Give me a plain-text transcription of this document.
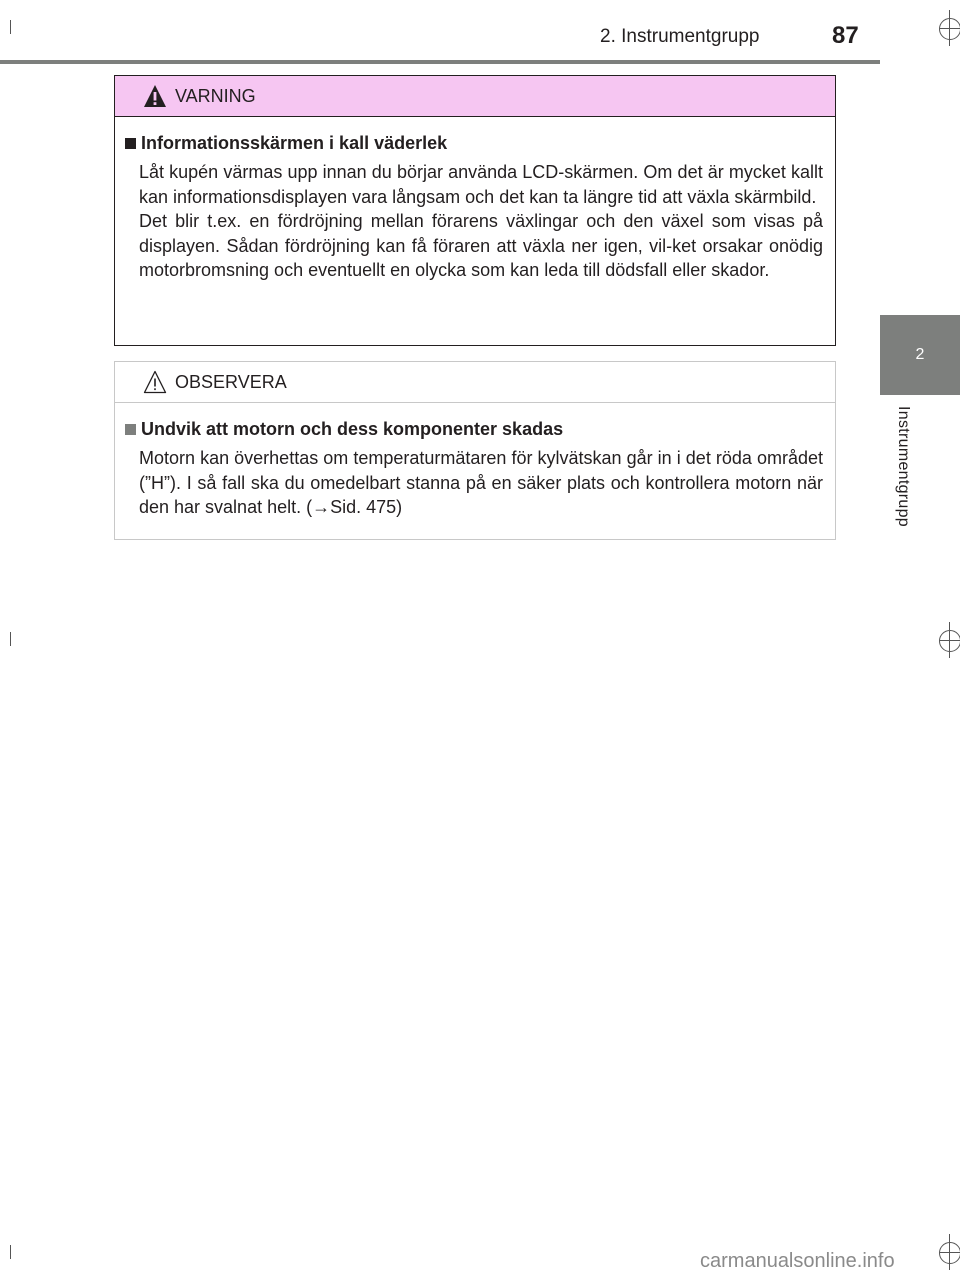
2. Instrumentgrupp	87
2
Instrumentgrupp
VARNING
Informationsskärmen i kall väderlek

Låt kupén värmas upp innan du börjar använda LCD-skärmen. Om det är mycket kallt kan informationsdisplayen vara långsam och det kan ta längre tid att växla skärmbild.

Det blir t.ex. en fördröjning mellan förarens växlingar och den växel som visas på displayen. Sådan fördröjning kan få föraren att växla ner igen, vil-ket orsakar onödig motorbromsning och eventuellt en olycka som kan leda till dödsfall eller skador.

OBSERVERA
Undvik att motorn och dess komponenter skadas

Motorn kan överhettas om temperaturmätaren för kylvätskan går in i det röda området (”H”). I så fall ska du omedelbart stanna på en säker plats och kontrollera motorn när den har svalnat helt. (→Sid. 475)

carmanualsonline.info
